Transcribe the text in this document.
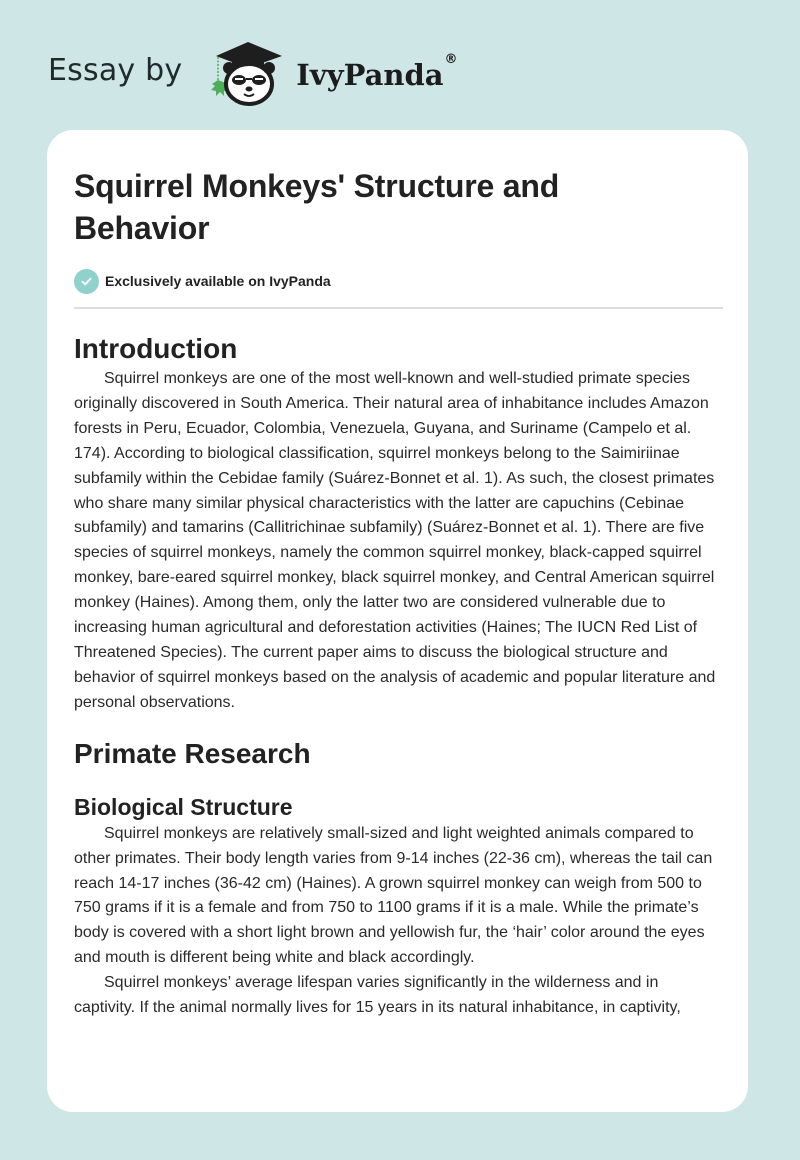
Essay by	IvyPanda®
Squirrel Monkeys' Structure and Behavior
Exclusively available on IvyPanda
Introduction

Squirrel monkeys are one of the most well-known and well-studied primate species originally discovered in South America. Their natural area of inhabitance includes Amazon forests in Peru, Ecuador, Colombia, Venezuela, Guyana, and Suriname (Campelo et al. 174). According to biological classification, squirrel monkeys belong to the Saimiriinae subfamily within the Cebidae family (Suárez-Bonnet et al. 1). As such, the closest primates who share many similar physical characteristics with the latter are capuchins (Cebinae subfamily) and tamarins (Callitrichinae subfamily) (Suárez-Bonnet et al. 1). There are five species of squirrel monkeys, namely the common squirrel monkey, black-capped squirrel monkey, bare-eared squirrel monkey, black squirrel monkey, and Central American squirrel monkey (Haines). Among them, only the latter two are considered vulnerable due to increasing human agricultural and deforestation activities (Haines; The IUCN Red List of Threatened Species). The current paper aims to discuss the biological structure and behavior of squirrel monkeys based on the analysis of academic and popular literature and personal observations.

Primate Research
Biological Structure

Squirrel monkeys are relatively small-sized and light weighted animals compared to other primates. Their body length varies from 9-14 inches (22-36 cm), whereas the tail can reach 14-17 inches (36-42 cm) (Haines). A grown squirrel monkey can weigh from 500 to 750 grams if it is a female and from 750 to 1100 grams if it is a male. While the primate’s body is covered with a short light brown and yellowish fur, the ‘hair’ color around the eyes and mouth is different being white and black accordingly.

Squirrel monkeys’ average lifespan varies significantly in the wilderness and in captivity. If the animal normally lives for 15 years in its natural inhabitance, in captivity,
